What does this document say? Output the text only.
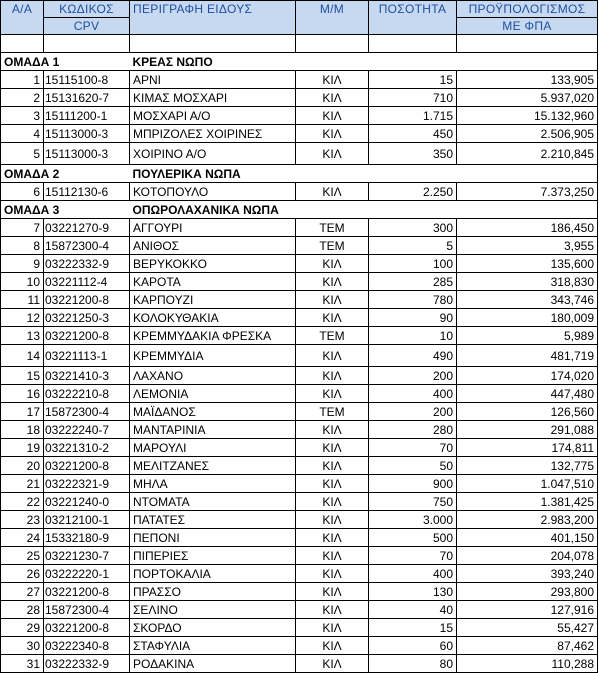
Α/Α	ΚΩΔΙΚΟΣ	ΠΕΡΙΓΡΑΦΗ ΕΙΔΟΥΣ	Μ/Μ	ΠΟΣΟΤΗΤΑ	ΠΡΟΫΠΟΛΟΓΙΣΜΟΣ
	CPV				ΜΕ ΦΠΑ

ΟΜΑΔΑ 1		ΚΡΕΑΣ ΝΩΠΟ			
1	15115100-8	ΑΡΝΙ	ΚΙΛ	15	133,905
2	15131620-7	ΚΙΜΑΣ ΜΟΣΧΑΡΙ	ΚΙΛ	710	5.937,020
3	15111200-1	ΜΟΣΧΑΡΙ Α/Ο	ΚΙΛ	1.715	15.132,960
4	15113000-3	ΜΠΡΙΖΟΛΕΣ ΧΟΙΡΙΝΕΣ	ΚΙΛ	450	2.506,905
5	15113000-3	ΧΟΙΡΙΝΟ Α/Ο	ΚΙΛ	350	2.210,845
ΟΜΑΔΑ 2		ΠΟΥΛΕΡΙΚΑ ΝΩΠΑ			
6	15112130-6	ΚΟΤΟΠΟΥΛΟ	ΚΙΛ	2.250	7.373,250
ΟΜΑΔΑ 3		ΟΠΩΡΟΛΑΧΑΝΙΚΑ ΝΩΠΑ			
7	03221270-9	ΑΓΓΟΥΡΙ	ΤΕΜ	300	186,450
8	15872300-4	ΑΝΙΘΟΣ	ΤΕΜ	5	3,955
9	03222332-9	ΒΕΡΥΚΟΚΚΟ	ΚΙΛ	100	135,600
10	03221112-4	ΚΑΡΟΤΑ	ΚΙΛ	285	318,830
11	03221200-8	ΚΑΡΠΟΥΖΙ	ΚΙΛ	780	343,746
12	03221250-3	ΚΟΛΟΚΥΘΑΚΙΑ	ΚΙΛ	90	180,009
13	03221200-8	ΚΡΕΜΜΥΔΑΚΙΑ ΦΡΕΣΚΑ	ΤΕΜ	10	5,989
14	03221113-1	ΚΡΕΜΜΥΔΙΑ	ΚΙΛ	490	481,719
15	03221410-3	ΛΑΧΑΝΟ	ΚΙΛ	200	174,020
16	03222210-8	ΛΕΜΟΝΙΑ	ΚΙΛ	400	447,480
17	15872300-4	ΜΑΪΔΑΝΟΣ	ΤΕΜ	200	126,560
18	03222240-7	ΜΑΝΤΑΡΙΝΙΑ	ΚΙΛ	280	291,088
19	03221310-2	ΜΑΡΟΥΛΙ	ΚΙΛ	70	174,811
20	03221200-8	ΜΕΛΙΤΖΑΝΕΣ	ΚΙΛ	50	132,775
21	03222321-9	ΜΗΛΑ	ΚΙΛ	900	1.047,510
22	03221240-0	ΝΤΟΜΑΤΑ	ΚΙΛ	750	1.381,425
23	03212100-1	ΠΑΤΑΤΕΣ	ΚΙΛ	3.000	2.983,200
24	15332180-9	ΠΕΠΟΝΙ	ΚΙΛ	500	401,150
25	03221230-7	ΠΙΠΕΡΙΕΣ	ΚΙΛ	70	204,078
26	03222220-1	ΠΟΡΤΟΚΑΛΙΑ	ΚΙΛ	400	393,240
27	03221200-8	ΠΡΑΣΣΟ	ΚΙΛ	130	293,800
28	15872300-4	ΣΕΛΙΝΟ	ΚΙΛ	40	127,916
29	03221200-8	ΣΚΟΡΔΟ	ΚΙΛ	15	55,427
30	03222340-8	ΣΤΑΦΥΛΙΑ	ΚΙΛ	60	87,462
31	03222332-9	ΡΟΔΑΚΙΝΑ	ΚΙΛ	80	110,288
